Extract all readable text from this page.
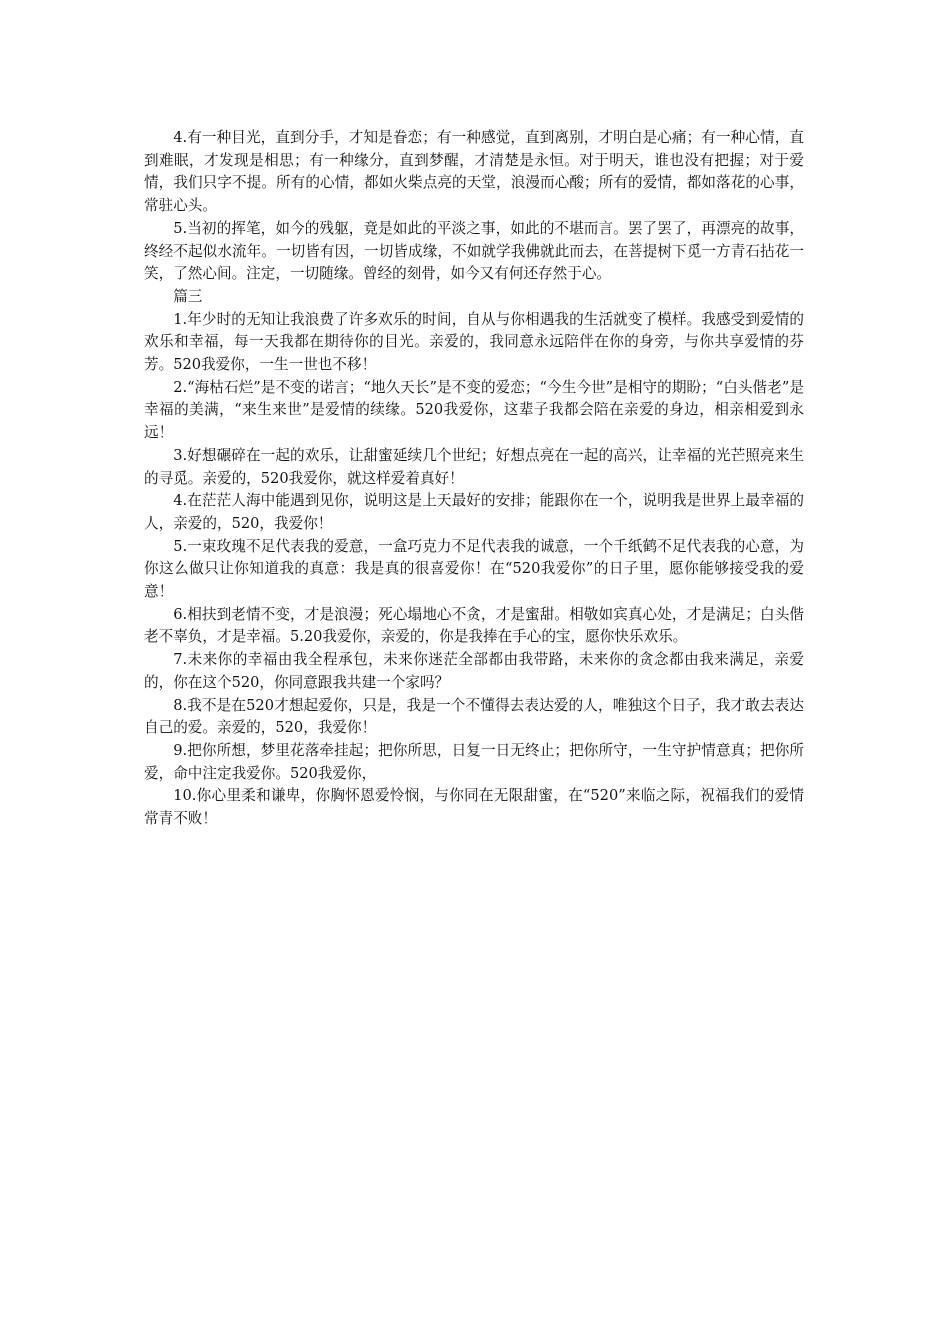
4.有一种目光，直到分手，才知是眷恋；有一种感觉，直到离别，才明白是心痛；有一种心情，直到难眠，才发现是相思；有一种缘分，直到梦醒，才清楚是永恒。对于明天，谁也没有把握；对于爱情，我们只字不提。所有的心情，都如火柴点亮的天堂，浪漫而心酸；所有的爱情，都如落花的心事，常驻心头。

5.当初的挥笔，如今的残躯，竟是如此的平淡之事，如此的不堪而言。罢了罢了，再漂亮的故事，终经不起似水流年。一切皆有因，一切皆成缘，不如就学我佛就此而去，在菩提树下觅一方青石拈花一笑，了然心间。注定，一切随缘。曾经的刻骨，如今又有何还存然于心。

篇三

1.年少时的无知让我浪费了许多欢乐的时间，自从与你相遇我的生活就变了模样。我感受到爱情的欢乐和幸福，每一天我都在期待你的目光。亲爱的，我同意永远陪伴在你的身旁，与你共享爱情的芬 芳。520我爱你，一生一世也不移！

2.“海枯石烂”是不变的诺言；“地久天长”是不变的爱恋；“今生今世”是相守的期盼；“白头偕老”是幸福的美满，“来生来世”是爱情的续缘。520我爱你，这辈子我都会陪在亲爱的身边，相亲相爱到永远！

3.好想碾碎在一起的欢乐，让甜蜜延续几个世纪；好想点亮在一起的高兴，让幸福的光芒照亮来生的寻觅。亲爱的，520我爱你，就这样爱着真好！

4.在茫茫人海中能遇到见你，说明这是上天最好的安排；能跟你在一个，说明我是世界上最幸福的人，亲爱的，520，我爱你！

5.一束玫瑰不足代表我的爱意，一盒巧克力不足代表我的诚意，一个千纸鹤不足代表我的心意，为你这么做只让你知道我的真意：我是真的很喜爱你！在“520我爱你”的日子里，愿你能够接受我的爱意！

6.相扶到老情不变，才是浪漫；死心塌地心不贪，才是蜜甜。相敬如宾真心处，才是满足；白头偕老不辜负，才是幸福。5.20我爱你，亲爱的，你是我捧在手心的宝，愿你快乐欢乐。

7.未来你的幸福由我全程承包，未来你迷茫全部都由我带路，未来你的贪念都由我来满足，亲爱的，你在这个520，你同意跟我共建一个家吗？

8.我不是在520才想起爱你，只是，我是一个不懂得去表达爱的人，唯独这个日子，我才敢去表达自己的爱。亲爱的，520，我爱你！

9.把你所想，梦里花落牵挂起；把你所思，日复一日无终止；把你所守，一生守护情意真；把你所爱，命中注定我爱你。520我爱你，

10.你心里柔和谦卑，你胸怀恩爱怜悯，与你同在无限甜蜜，在“520”来临之际，祝福我们的爱情常青不败！
